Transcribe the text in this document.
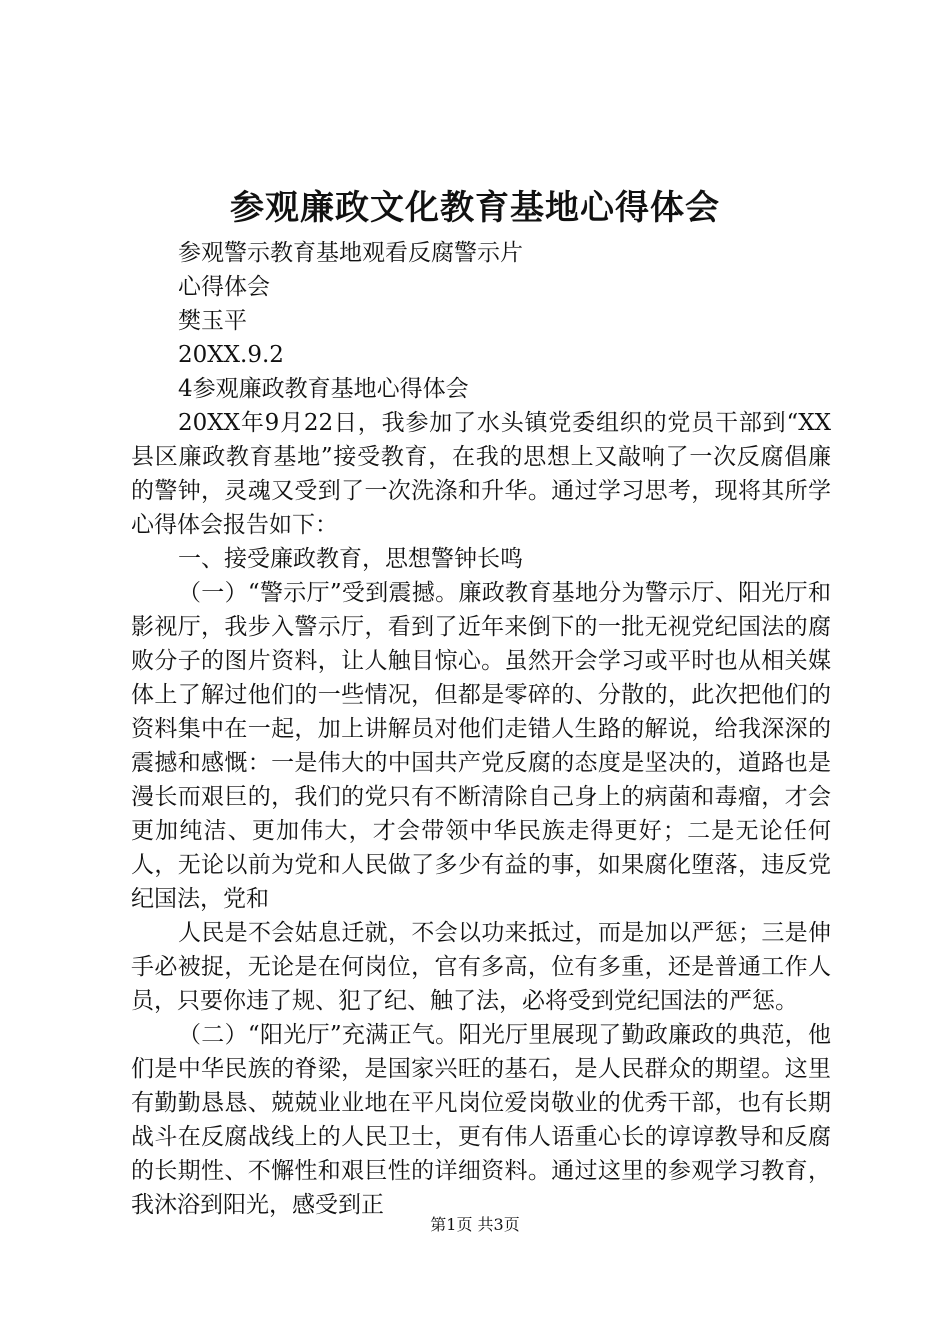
参观廉政文化教育基地心得体会
参观警示教育基地观看反腐警示片
心得体会
樊玉平
20XX.9.2
4参观廉政教育基地心得体会

20XX年9月22日，我参加了水头镇党委组织的党员干部到“XX县区廉政教育基地”接受教育，在我的思想上又敲响了一次反腐倡廉的警钟，灵魂又受到了一次洗涤和升华。通过学习思考，现将其所学心得体会报告如下：

一、接受廉政教育，思想警钟长鸣

（一）“警示厅”受到震撼。廉政教育基地分为警示厅、阳光厅和影视厅，我步入警示厅，看到了近年来倒下的一批无视党纪国法的腐败分子的图片资料，让人触目惊心。虽然开会学习或平时也从相关媒体上了解过他们的一些情况，但都是零碎的、分散的，此次把他们的资料集中在一起，加上讲解员对他们走错人生路的解说，给我深深的震撼和感慨：一是伟大的中国共产党反腐的态度是坚决的，道路也是漫长而艰巨的，我们的党只有不断清除自己身上的病菌和毒瘤，才会更加纯洁、更加伟大，才会带领中华民族走得更好；二是无论任何人，无论以前为党和人民做了多少有益的事，如果腐化堕落，违反党纪国法，党和

人民是不会姑息迁就，不会以功来抵过，而是加以严惩；三是伸手必被捉，无论是在何岗位，官有多高，位有多重，还是普通工作人员，只要你违了规、犯了纪、触了法，必将受到党纪国法的严惩。

（二）“阳光厅”充满正气。阳光厅里展现了勤政廉政的典范，他们是中华民族的脊梁，是国家兴旺的基石，是人民群众的期望。这里有勤勤恳恳、兢兢业业地在平凡岗位爱岗敬业的优秀干部，也有长期战斗在反腐战线上的人民卫士，更有伟人语重心长的谆谆教导和反腐的长期性、不懈性和艰巨性的详细资料。通过这里的参观学习教育，我沐浴到阳光，感受到正

第1页 共3页
